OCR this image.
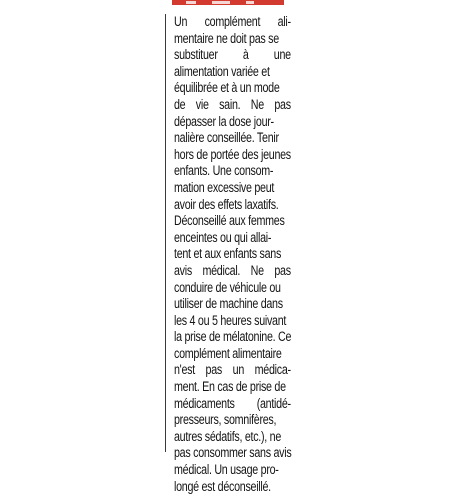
Un complément ali-
mentaire ne doit pas se
substituer à une
alimentation variée et
équilibrée et à un mode
de vie sain. Ne pas
dépasser la dose jour-
nalière conseillée. Tenir
hors de portée des jeunes
enfants. Une consom-
mation excessive peut
avoir des effets laxatifs.
Déconseillé aux femmes
enceintes ou qui allai-
tent et aux enfants sans
avis médical. Ne pas
conduire de véhicule ou
utiliser de machine dans
les 4 ou 5 heures suivant
la prise de mélatonine. Ce
complément alimentaire
n'est pas un médica-
ment. En cas de prise de
médicaments (antidé-
presseurs, somnifères,
autres sédatifs, etc.), ne
pas consommer sans avis
médical. Un usage pro-
longé est déconseillé.
